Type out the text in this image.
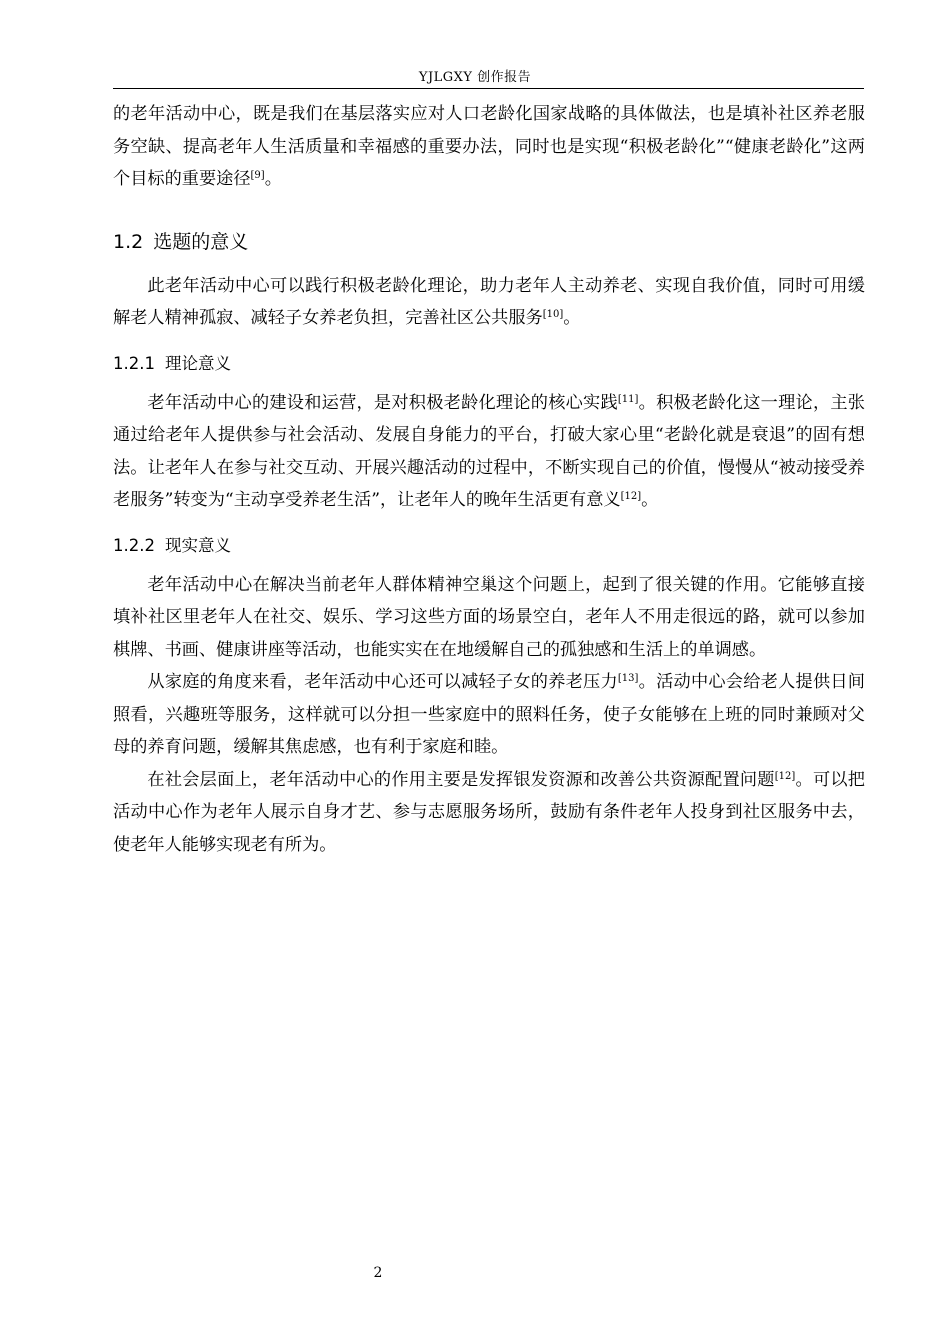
YJLGXY 创作报告

的老年活动中心，既是我们在基层落实应对人口老龄化国家战略的具体做法，也是填补社区养老服务空缺、提高老年人生活质量和幸福感的重要办法，同时也是实现“积极老龄化”“健康老龄化”这两个目标的重要途径[9]。

1.2 选题的意义

此老年活动中心可以践行积极老龄化理论，助力老年人主动养老、实现自我价值，同时可用缓解老人精神孤寂、减轻子女养老负担，完善社区公共服务[10]。

1.2.1 理论意义

老年活动中心的建设和运营，是对积极老龄化理论的核心实践[11]。积极老龄化这一理论，主张通过给老年人提供参与社会活动、发展自身能力的平台，打破大家心里“老龄化就是衰退”的固有想法。让老年人在参与社交互动、开展兴趣活动的过程中，不断实现自己的价值，慢慢从“被动接受养老服务”转变为“主动享受养老生活”，让老年人的晚年生活更有意义[12]。

1.2.2 现实意义

老年活动中心在解决当前老年人群体精神空巢这个问题上，起到了很关键的作用。它能够直接填补社区里老年人在社交、娱乐、学习这些方面的场景空白，老年人不用走很远的路，就可以参加棋牌、书画、健康讲座等活动，也能实实在在地缓解自己的孤独感和生活上的单调感。

从家庭的角度来看，老年活动中心还可以减轻子女的养老压力[13]。活动中心会给老人提供日间照看，兴趣班等服务，这样就可以分担一些家庭中的照料任务，使子女能够在上班的同时兼顾对父母的养育问题，缓解其焦虑感，也有利于家庭和睦。

在社会层面上，老年活动中心的作用主要是发挥银发资源和改善公共资源配置问题[12]。可以把活动中心作为老年人展示自身才艺、参与志愿服务场所，鼓励有条件老年人投身到社区服务中去，使老年人能够实现老有所为。

2
